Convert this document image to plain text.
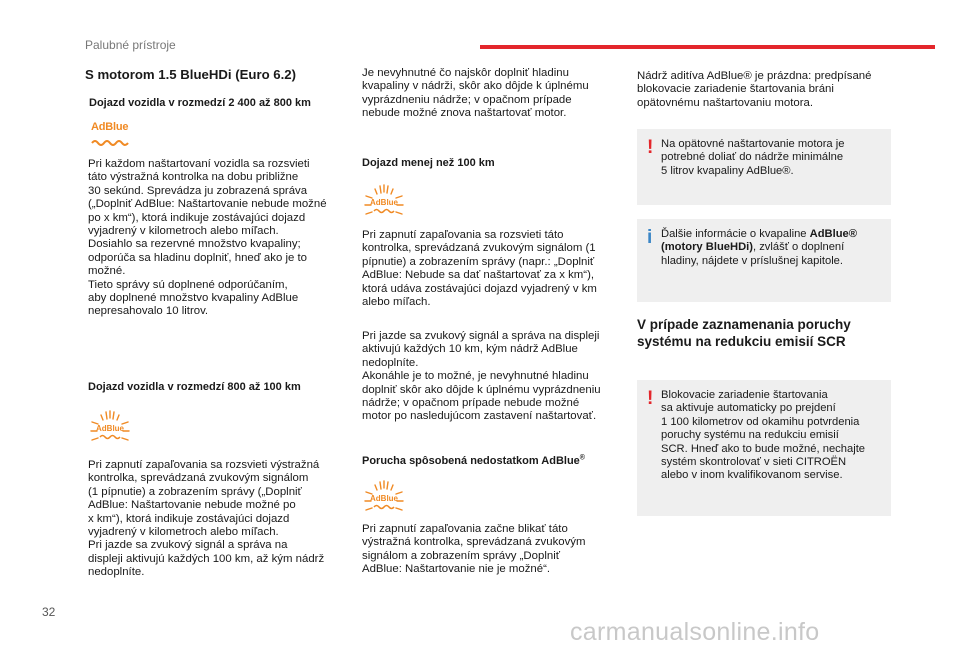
Palubné prístroje
S motorom 1.5 BlueHDi (Euro 6.2)
Dojazd vozidla v rozmedzí 2 400 až 800 km
AdBlue

Pri každom naštartovaní vozidla sa rozsvieti
táto výstražná kontrolka na dobu približne
30 sekúnd. Sprevádza ju zobrazená správa
(„Doplniť AdBlue: Naštartovanie nebude možné
po x km“), ktorá indikuje zostávajúci dojazd
vyjadrený v kilometroch alebo míľach.
Dosiahlo sa rezervné množstvo kvapaliny;
odporúča sa hladinu doplniť, hneď ako je to
možné.
Tieto správy sú doplnené odporúčaním,
aby doplnené množstvo kvapaliny AdBlue
nepresahovalo 10 litrov.

Dojazd vozidla v rozmedzí 800 až 100 km
AdBlue

Pri zapnutí zapaľovania sa rozsvieti výstražná
kontrolka, sprevádzaná zvukovým signálom
(1 pípnutie) a zobrazením správy („Doplniť
AdBlue: Naštartovanie nebude možné po
x km“), ktorá indikuje zostávajúci dojazd
vyjadrený v kilometroch alebo míľach.
Pri jazde sa zvukový signál a správa na
displeji aktivujú každých 100 km, až kým nádrž
nedoplníte.

Je nevyhnutné čo najskôr doplniť hladinu
kvapaliny v nádrži, skôr ako dôjde k úplnému
vyprázdneniu nádrže; v opačnom prípade
nebude možné znova naštartovať motor.

Dojazd menej než 100 km
AdBlue

Pri zapnutí zapaľovania sa rozsvieti táto
kontrolka, sprevádzaná zvukovým signálom (1
pípnutie) a zobrazením správy (napr.: „Doplniť
AdBlue: Nebude sa dať naštartovať za x km“),
ktorá udáva zostávajúci dojazd vyjadrený v km
alebo míľach.

Pri jazde sa zvukový signál a správa na displeji
aktivujú každých 10 km, kým nádrž AdBlue
nedoplníte.
Akonáhle je to možné, je nevyhnutné hladinu
doplniť skôr ako dôjde k úplnému vyprázdneniu
nádrže; v opačnom prípade nebude možné
motor po nasledujúcom zastavení naštartovať.

Porucha spôsobená nedostatkom AdBlue®
AdBlue

Pri zapnutí zapaľovania začne blikať táto
výstražná kontrolka, sprevádzaná zvukovým
signálom a zobrazením správy „Doplniť
AdBlue: Naštartovanie nie je možné“.

Nádrž aditíva AdBlue® je prázdna: predpísané
blokovacie zariadenie štartovania bráni
opätovnému naštartovaniu motora.

! Na opätovné naštartovanie motora je
potrebné doliať do nádrže minimálne
5 litrov kvapaliny AdBlue®.

i Ďalšie informácie o kvapaline AdBlue® (motory BlueHDi), zvlášť o doplnení hladiny, nájdete v príslušnej kapitole.
V prípade zaznamenania poruchy
systému na redukciu emisií SCR
! Blokovacie zariadenie štartovania
sa aktivuje automaticky po prejdení
1 100 kilometrov od okamihu potvrdenia
poruchy systému na redukciu emisií
SCR. Hneď ako to bude možné, nechajte
systém skontrolovať v sieti CITROËN
alebo v inom kvalifikovanom servise.

32
carmanualsonline.info
